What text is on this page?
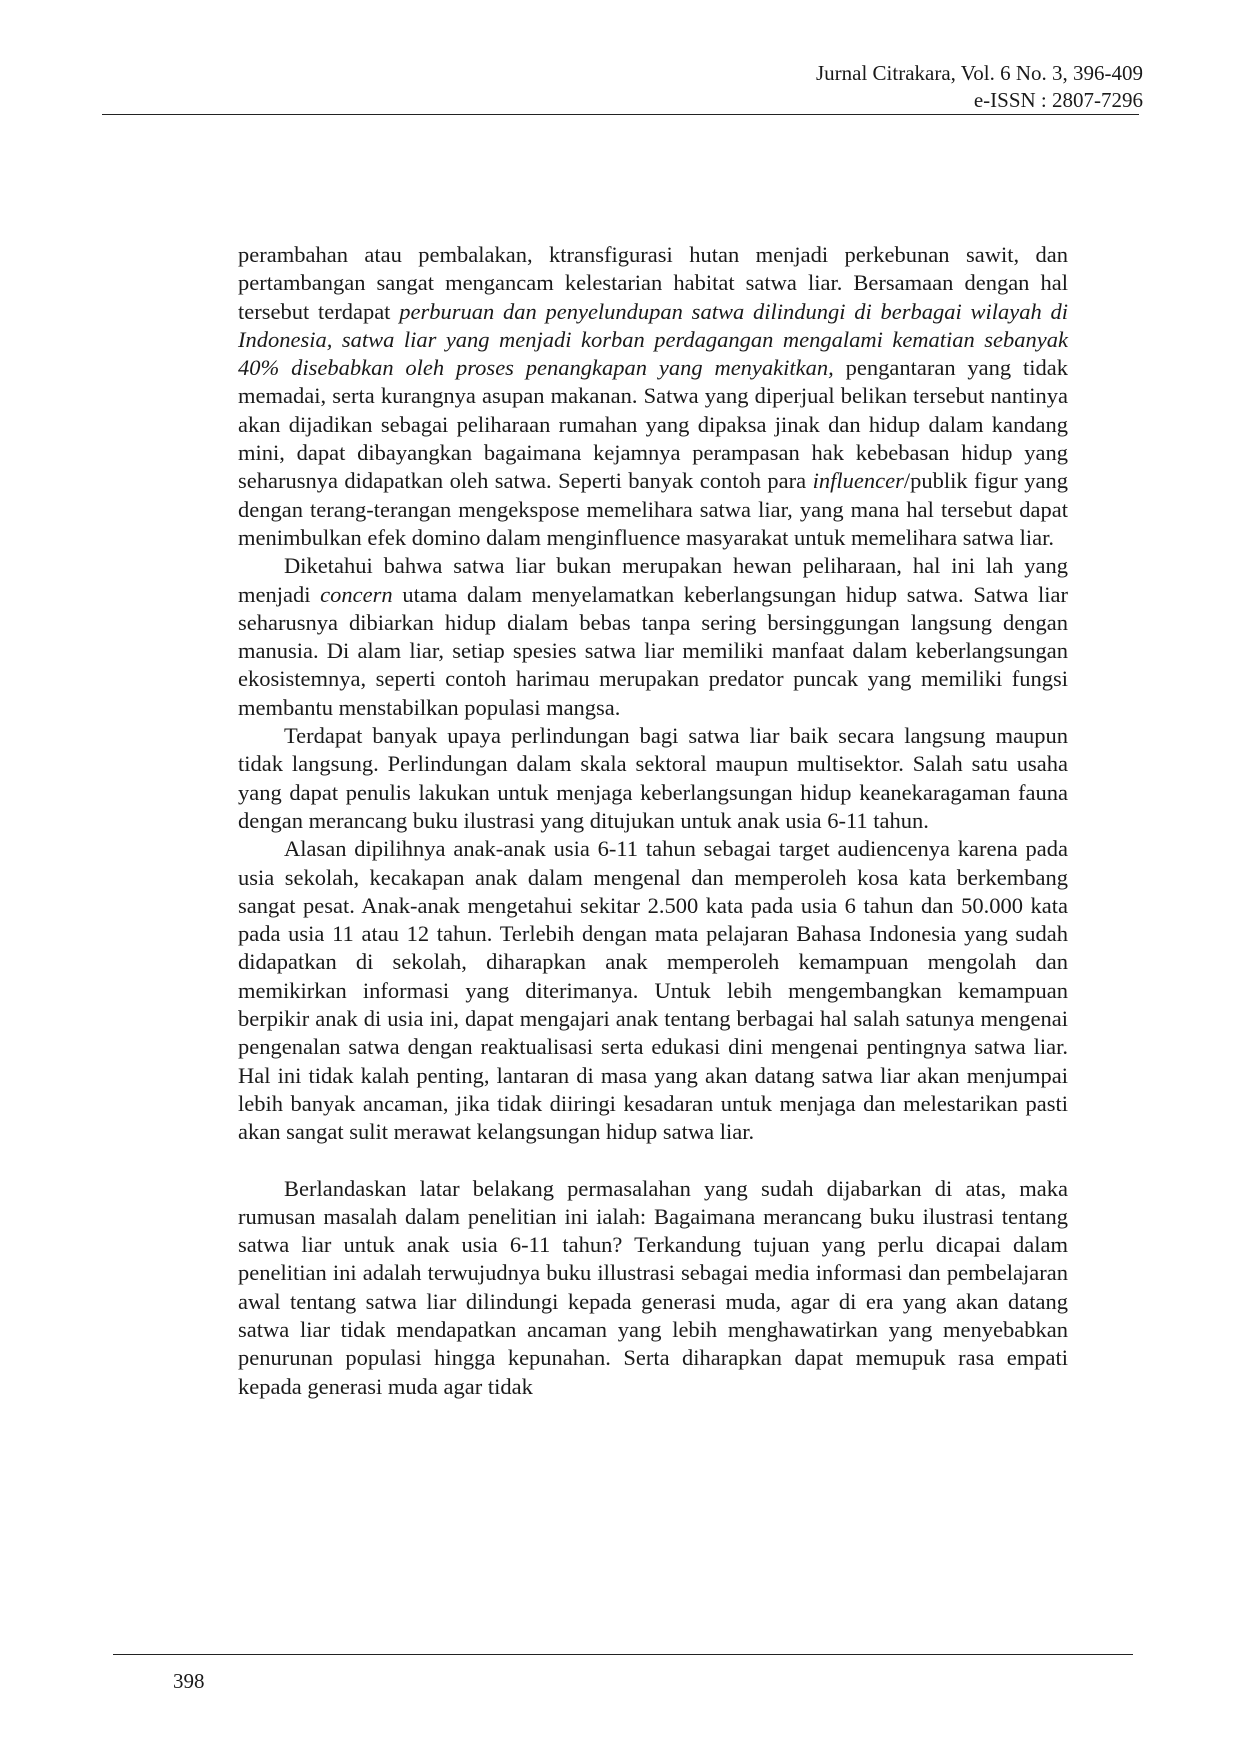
Jurnal Citrakara, Vol. 6 No. 3, 396-409
e-ISSN : 2807-7296

perambahan atau pembalakan, ktransfigurasi hutan menjadi perkebunan sawit, dan pertambangan sangat mengancam kelestarian habitat satwa liar. Bersamaan dengan hal tersebut terdapat perburuan dan penyelundupan satwa dilindungi di berbagai wilayah di Indonesia, satwa liar yang menjadi korban perdagangan mengalami kematian sebanyak 40% disebabkan oleh proses penangkapan yang menyakitkan, pengantaran yang tidak memadai, serta kurangnya asupan makanan. Satwa yang diperjual belikan tersebut nantinya akan dijadikan sebagai peliharaan rumahan yang dipaksa jinak dan hidup dalam kandang mini, dapat dibayangkan bagaimana kejamnya perampasan hak kebebasan hidup yang seharusnya didapatkan oleh satwa. Seperti banyak contoh para influencer/publik figur yang dengan terang-terangan mengekspose memelihara satwa liar, yang mana hal tersebut dapat menimbulkan efek domino dalam menginfluence masyarakat untuk memelihara satwa liar.

Diketahui bahwa satwa liar bukan merupakan hewan peliharaan, hal ini lah yang menjadi concern utama dalam menyelamatkan keberlangsungan hidup satwa. Satwa liar seharusnya dibiarkan hidup dialam bebas tanpa sering bersinggungan langsung dengan manusia. Di alam liar, setiap spesies satwa liar memiliki manfaat dalam keberlangsungan ekosistemnya, seperti contoh harimau merupakan predator puncak yang memiliki fungsi membantu menstabilkan populasi mangsa.

Terdapat banyak upaya perlindungan bagi satwa liar baik secara langsung maupun tidak langsung. Perlindungan dalam skala sektoral maupun multisektor. Salah satu usaha yang dapat penulis lakukan untuk menjaga keberlangsungan hidup keanekaragaman fauna dengan merancang buku ilustrasi yang ditujukan untuk anak usia 6-11 tahun.

Alasan dipilihnya anak-anak usia 6-11 tahun sebagai target audiencenya karena pada usia sekolah, kecakapan anak dalam mengenal dan memperoleh kosa kata berkembang sangat pesat. Anak-anak mengetahui sekitar 2.500 kata pada usia 6 tahun dan 50.000 kata pada usia 11 atau 12 tahun. Terlebih dengan mata pelajaran Bahasa Indonesia yang sudah didapatkan di sekolah, diharapkan anak memperoleh kemampuan mengolah dan memikirkan informasi yang diterimanya. Untuk lebih mengembangkan kemampuan berpikir anak di usia ini, dapat mengajari anak tentang berbagai hal salah satunya mengenai pengenalan satwa dengan reaktualisasi serta edukasi dini mengenai pentingnya satwa liar. Hal ini tidak kalah penting, lantaran di masa yang akan datang satwa liar akan menjumpai lebih banyak ancaman, jika tidak diiringi kesadaran untuk menjaga dan melestarikan pasti akan sangat sulit merawat kelangsungan hidup satwa liar.

Berlandaskan latar belakang permasalahan yang sudah dijabarkan di atas, maka rumusan masalah dalam penelitian ini ialah: Bagaimana merancang buku ilustrasi tentang satwa liar untuk anak usia 6-11 tahun? Terkandung tujuan yang perlu dicapai dalam penelitian ini adalah terwujudnya buku illustrasi sebagai media informasi dan pembelajaran awal tentang satwa liar dilindungi kepada generasi muda, agar di era yang akan datang satwa liar tidak mendapatkan ancaman yang lebih menghawatirkan yang menyebabkan penurunan populasi hingga kepunahan. Serta diharapkan dapat memupuk rasa empati kepada generasi muda agar tidak

398
